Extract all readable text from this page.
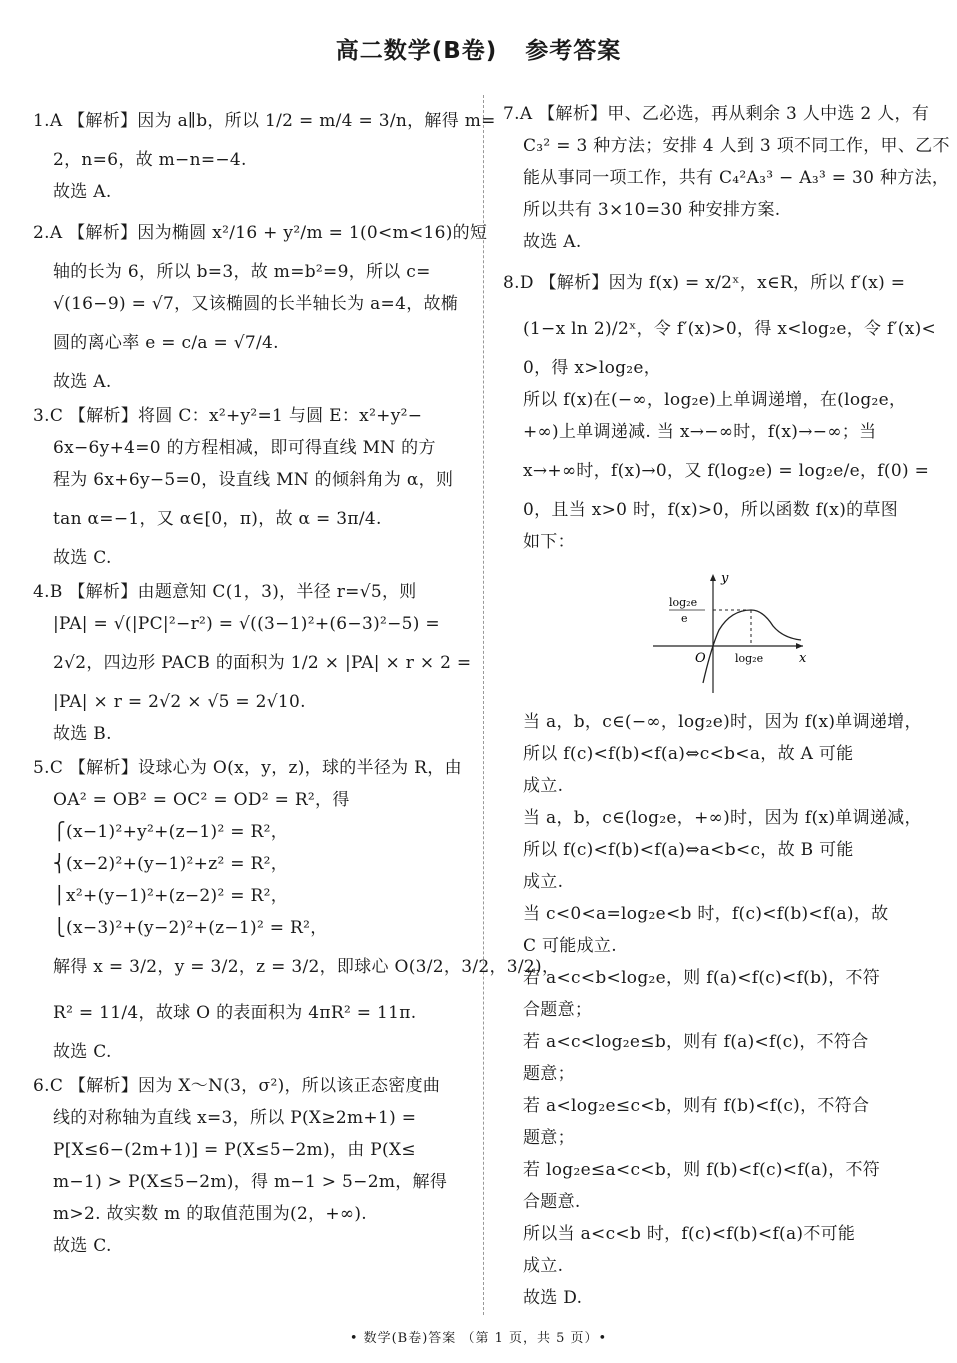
高二数学(B卷) 参考答案
1.A 【解析】因为 a∥b，所以 1/2 = m/4 = 3/n，解得 m=
2，n=6，故 m−n=−4.
故选 A.
2.A 【解析】因为椭圆 x²/16 + y²/m = 1(0<m<16)的短
轴的长为 6，所以 b=3，故 m=b²=9，所以 c=
√(16−9) = √7，又该椭圆的长半轴长为 a=4，故椭
圆的离心率 e = c/a = √7/4.
故选 A.
3.C 【解析】将圆 C：x²+y²=1 与圆 E：x²+y²−
6x−6y+4=0 的方程相减，即可得直线 MN 的方
程为 6x+6y−5=0，设直线 MN 的倾斜角为 α，则
tan α=−1，又 α∈[0，π)，故 α = 3π/4.
故选 C.
4.B 【解析】由题意知 C(1，3)，半径 r=√5，则
|PA| = √(|PC|²−r²) = √((3−1)²+(6−3)²−5) =
2√2，四边形 PACB 的面积为 1/2 × |PA| × r × 2 =
|PA| × r = 2√2 × √5 = 2√10.
故选 B.
5.C 【解析】设球心为 O(x，y，z)，球的半径为 R，由
OA² = OB² = OC² = OD² = R²，得
⎧(x−1)²+y²+(z−1)² = R²，
⎨(x−2)²+(y−1)²+z² = R²，
⎪x²+(y−1)²+(z−2)² = R²，
⎩(x−3)²+(y−2)²+(z−1)² = R²，
解得 x = 3/2，y = 3/2，z = 3/2，即球心 O(3/2，3/2，3/2)，
R² = 11/4，故球 O 的表面积为 4πR² = 11π.
故选 C.
6.C 【解析】因为 X～N(3，σ²)，所以该正态密度曲
线的对称轴为直线 x=3，所以 P(X≥2m+1) =
P[X≤6−(2m+1)] = P(X≤5−2m)，由 P(X≤
m−1) > P(X≤5−2m)，得 m−1 > 5−2m，解得
m>2. 故实数 m 的取值范围为(2，+∞).
故选 C.
7.A 【解析】甲、乙必选，再从剩余 3 人中选 2 人，有
C₃² = 3 种方法；安排 4 人到 3 项不同工作，甲、乙不
能从事同一项工作，共有 C₄²A₃³ − A₃³ = 30 种方法，
所以共有 3×10=30 种安排方案.
故选 A.
8.D 【解析】因为 f(x) = x/2ˣ，x∈R，所以 f′(x) =
(1−x ln 2)/2ˣ，令 f′(x)>0，得 x<log₂e，令 f′(x)<
0，得 x>log₂e，
所以 f(x)在(−∞，log₂e)上单调递增，在(log₂e，
+∞)上单调递减. 当 x→−∞时，f(x)→−∞；当
x→+∞时，f(x)→0，又 f(log₂e) = log₂e/e，f(0) =
0，且当 x>0 时，f(x)>0，所以函数 f(x)的草图
如下：
y
x
O
log₂e
e
log₂e
当 a，b，c∈(−∞，log₂e)时，因为 f(x)单调递增，
所以 f(c)<f(b)<f(a)⇔c<b<a，故 A 可能
成立.
当 a，b，c∈(log₂e，+∞)时，因为 f(x)单调递减，
所以 f(c)<f(b)<f(a)⇔a<b<c，故 B 可能
成立.
当 c<0<a=log₂e<b 时，f(c)<f(b)<f(a)，故
C 可能成立.
若 a<c<b<log₂e，则 f(a)<f(c)<f(b)，不符
合题意；
若 a<c<log₂e≤b，则有 f(a)<f(c)，不符合
题意；
若 a<log₂e≤c<b，则有 f(b)<f(c)，不符合
题意；
若 log₂e≤a<c<b，则 f(b)<f(c)<f(a)，不符
合题意.
所以当 a<c<b 时，f(c)<f(b)<f(a)不可能
成立.
故选 D.
• 数学(B卷)答案 （第 1 页，共 5 页）•
